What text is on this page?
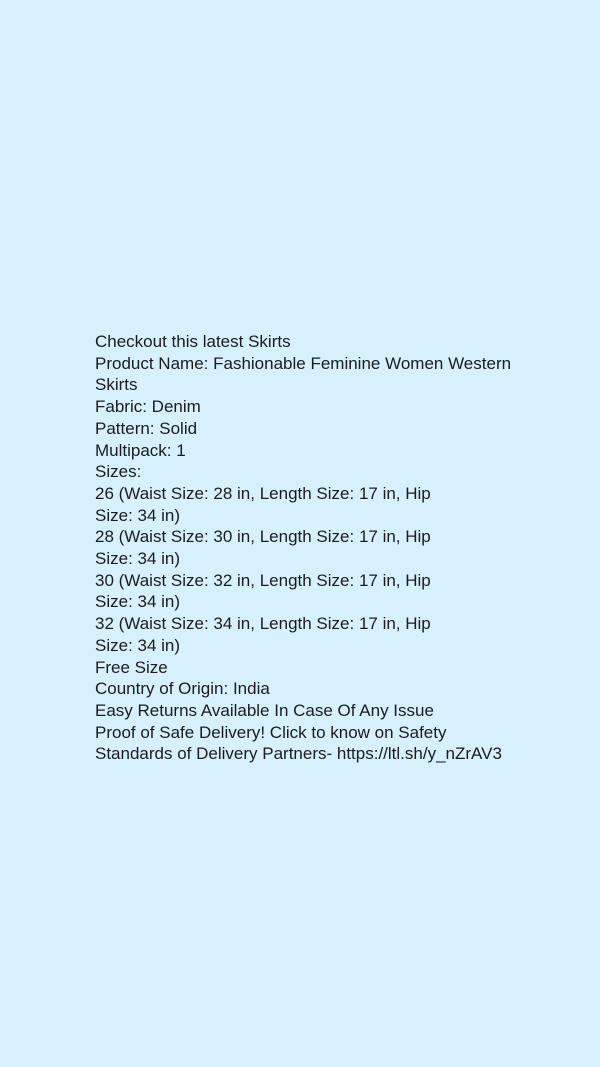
Checkout this latest Skirts
Product Name: Fashionable Feminine Women Western
Skirts
Fabric: Denim
Pattern: Solid
Multipack: 1
Sizes:
26 (Waist Size: 28 in, Length Size: 17 in, Hip
Size: 34 in)
28 (Waist Size: 30 in, Length Size: 17 in, Hip
Size: 34 in)
30 (Waist Size: 32 in, Length Size: 17 in, Hip
Size: 34 in)
32 (Waist Size: 34 in, Length Size: 17 in, Hip
Size: 34 in)
Free Size
Country of Origin: India
Easy Returns Available In Case Of Any Issue
Proof of Safe Delivery! Click to know on Safety
Standards of Delivery Partners- https://ltl.sh/y_nZrAV3
